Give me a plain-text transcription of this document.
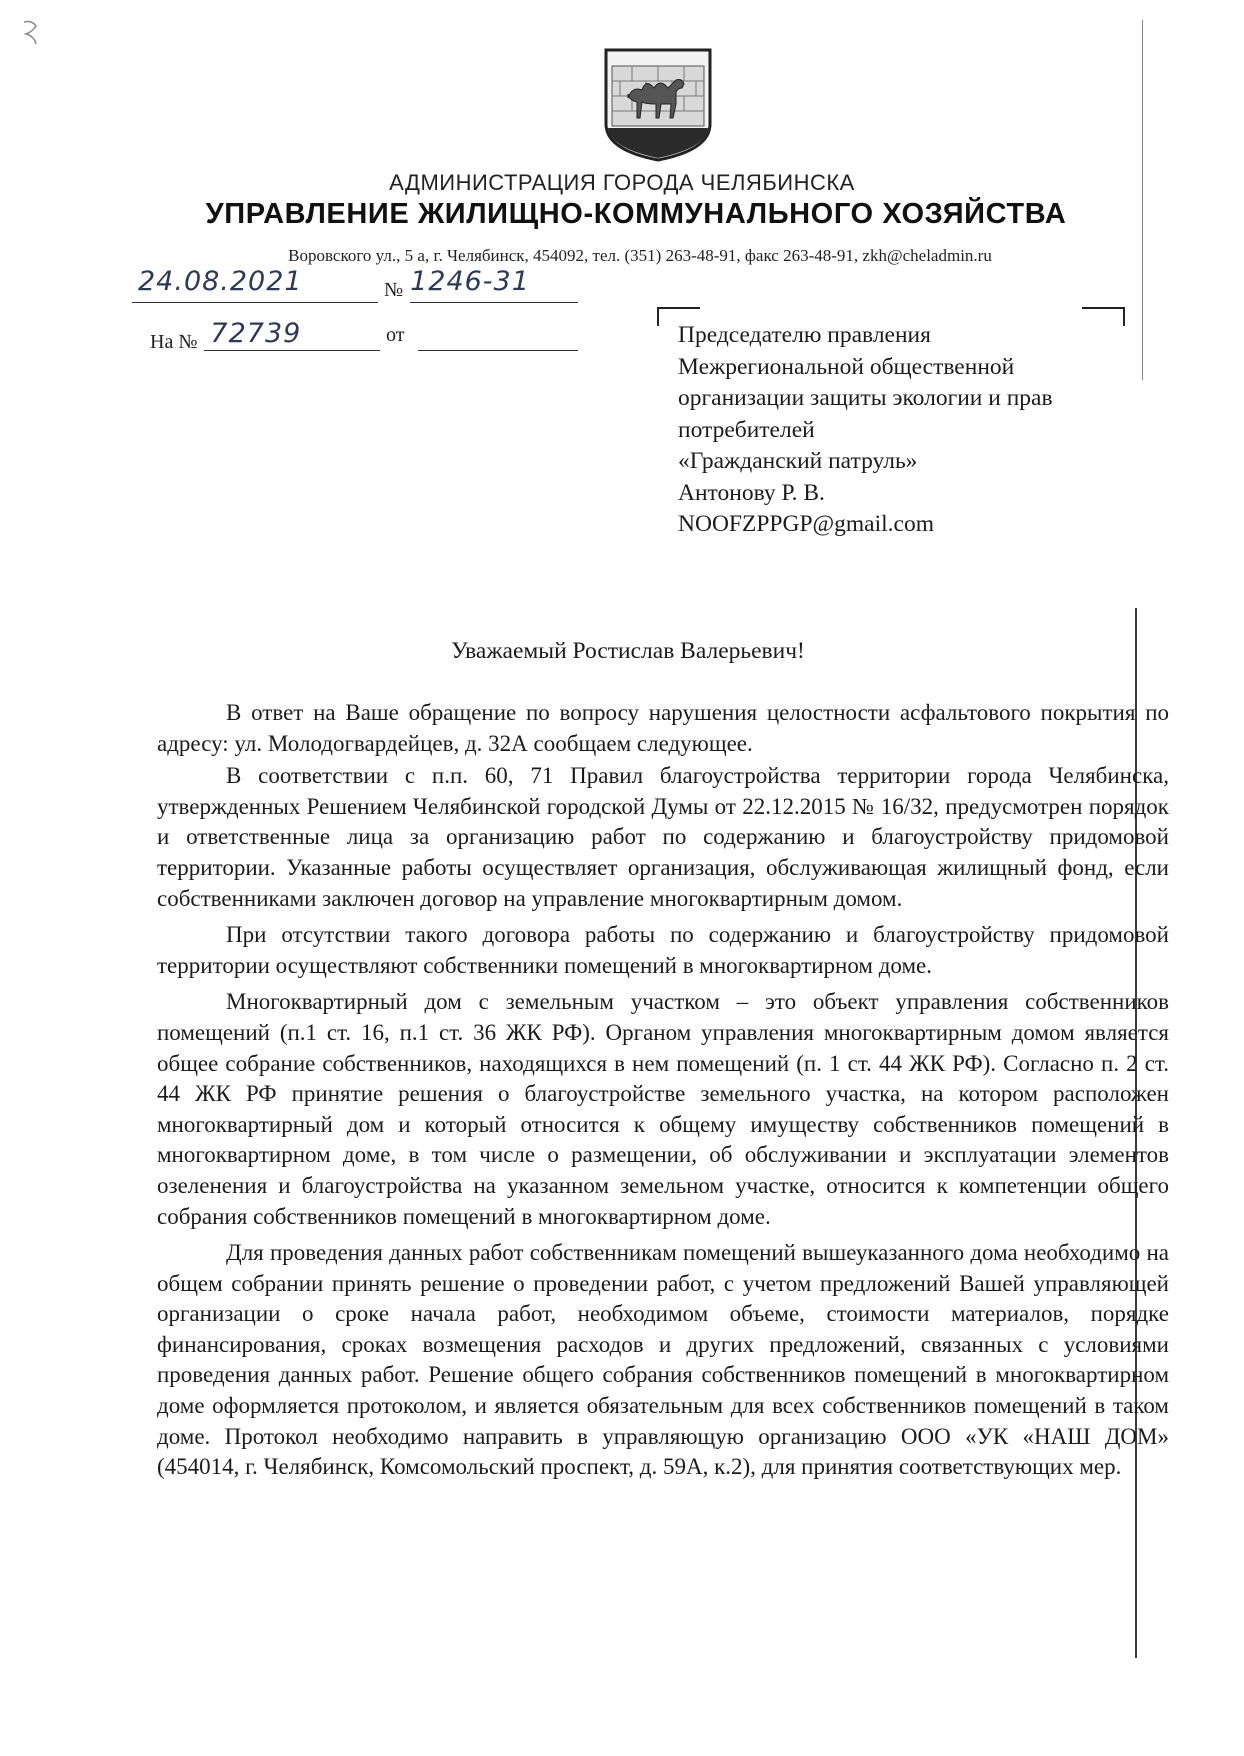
АДМИНИСТРАЦИЯ ГОРОДА ЧЕЛЯБИНСКА
УПРАВЛЕНИЕ ЖИЛИЩНО-КОММУНАЛЬНОГО ХОЗЯЙСТВА
Воровского ул., 5 а, г. Челябинск, 454092, тел. (351) 263-48-91, факс 263-48-91, zkh@cheladmin.ru
24.08.2021	№ 1246-31
На № 72739	от	Председателю правления
Межрегиональной общественной
организации защиты экологии и прав
потребителей
«Гражданский патруль»
Антонову Р. В.
NOOFZPPGP@gmail.com
Уважаемый Ростислав Валерьевич!

В ответ на Ваше обращение по вопросу нарушения целостности асфальтового покрытия по адресу: ул. Молодогвардейцев, д. 32А сообщаем следующее.

В соответствии с п.п. 60, 71 Правил благоустройства территории города Челябинска, утвержденных Решением Челябинской городской Думы от 22.12.2015 № 16/32, предусмотрен порядок и ответственные лица за организацию работ по содержанию и благоустройству придомовой территории. Указанные работы осуществляет организация, обслуживающая жилищный фонд, если собственниками заключен договор на управление многоквартирным домом.

При отсутствии такого договора работы по содержанию и благоустройству придомовой территории осуществляют собственники помещений в многоквартирном доме.

Многоквартирный дом с земельным участком – это объект управления собственников помещений (п.1 ст. 16, п.1 ст. 36 ЖК РФ). Органом управления многоквартирным домом является общее собрание собственников, находящихся в нем помещений (п. 1 ст. 44 ЖК РФ). Согласно п. 2 ст. 44 ЖК РФ принятие решения о благоустройстве земельного участка, на котором расположен многоквартирный дом и который относится к общему имуществу собственников помещений в многоквартирном доме, в том числе о размещении, об обслуживании и эксплуатации элементов озеленения и благоустройства на указанном земельном участке, относится к компетенции общего собрания собственников помещений в многоквартирном доме.

Для проведения данных работ собственникам помещений вышеуказанного дома необходимо на общем собрании принять решение о проведении работ, с учетом предложений Вашей управляющей организации о сроке начала работ, необходимом объеме, стоимости материалов, порядке финансирования, сроках возмещения расходов и других предложений, связанных с условиями проведения данных работ. Решение общего собрания собственников помещений в многоквартирном доме оформляется протоколом, и является обязательным для всех собственников помещений в таком доме. Протокол необходимо направить в управляющую организацию ООО «УК «НАШ ДОМ» (454014, г. Челябинск, Комсомольский проспект, д. 59А, к.2), для принятия соответствующих мер.
